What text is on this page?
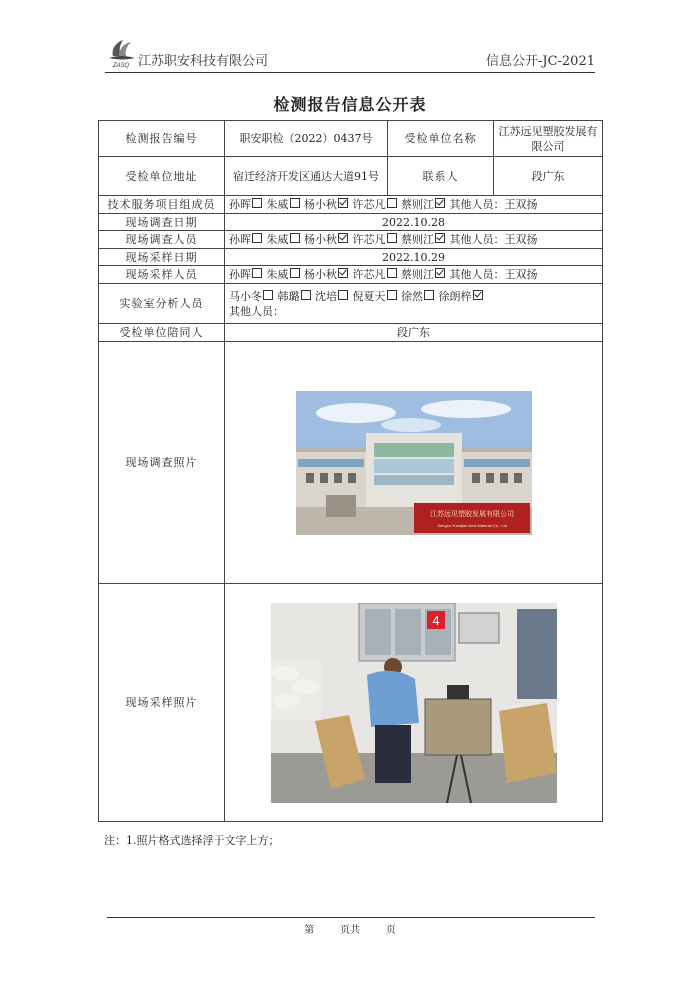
ZASQ 江苏职安科技有限公司	信息公开-JC-2021
检测报告信息公开表
检测报告编号	职安职检（2022）0437号	受检单位名称	江苏远见塑胶发展有限公司
受检单位地址	宿迁经济开发区通达大道91号	联系人	段广东
技术服务项目组成员	孙晖 朱威 杨小秋 许芯凡 蔡则江 其他人员：王双扬		
现场调查日期	2022.10.28		
现场调查人员	孙晖 朱威 杨小秋 许芯凡 蔡则江 其他人员：王双扬		
现场采样日期	2022.10.29		
现场采样人员	孙晖 朱威 杨小秋 许芯凡 蔡则江 其他人员：王双扬		
实验室分析人员	马小冬 韩璐 沈培 倪夏天 徐然 徐朗梓
其他人员：		
受检单位陪同人	段广东		
现场调查照片	江苏远见塑胶发展有限公司
Jiangsu Yuanjian New Material Co., Ltd		

现场采样照片	4		
注：1.照片格式选择浮于文字上方；
第	页共	页
